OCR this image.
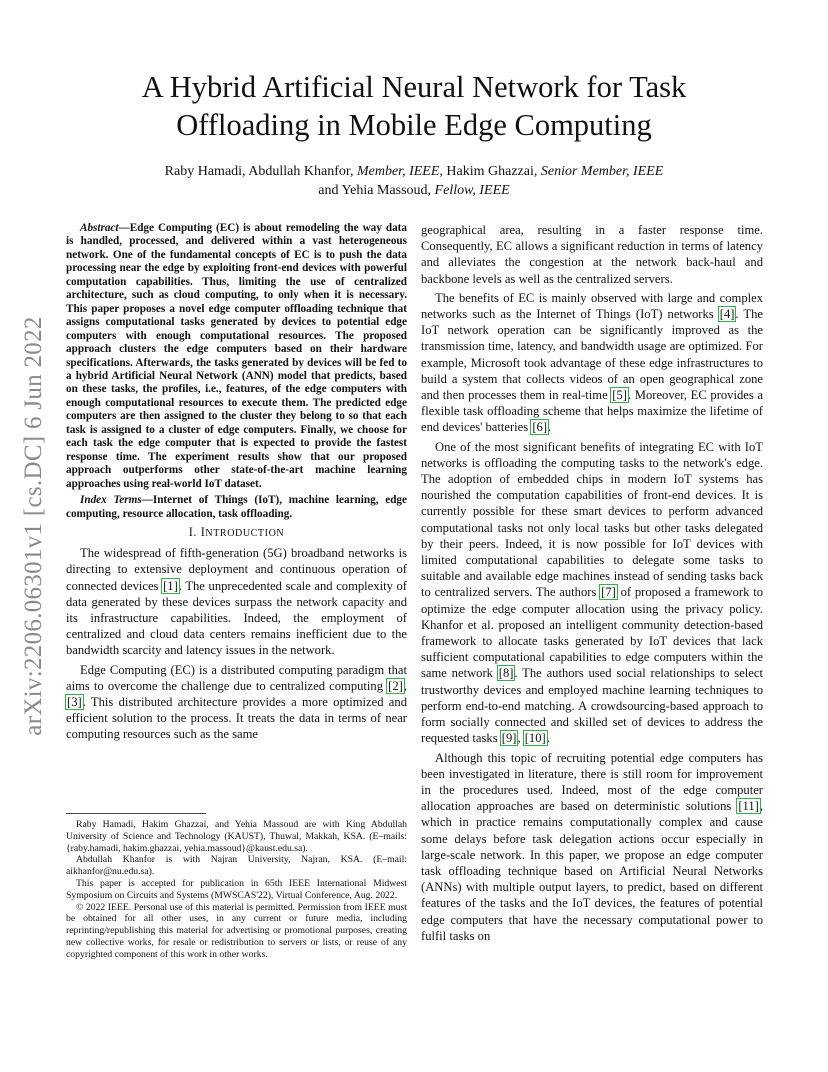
arXiv:2206.06301v1 [cs.DC] 6 Jun 2022
A Hybrid Artificial Neural Network for Task Offloading in Mobile Edge Computing
Raby Hamadi, Abdullah Khanfor, Member, IEEE, Hakim Ghazzai, Senior Member, IEEE
and Yehia Massoud, Fellow, IEEE

Abstract—Edge Computing (EC) is about remodeling the way data is handled, processed, and delivered within a vast heterogeneous network. One of the fundamental concepts of EC is to push the data processing near the edge by exploiting front-end devices with powerful computation capabilities. Thus, limiting the use of centralized architecture, such as cloud computing, to only when it is necessary. This paper proposes a novel edge computer offloading technique that assigns computational tasks generated by devices to potential edge computers with enough computational resources. The proposed approach clusters the edge computers based on their hardware specifications. Afterwards, the tasks generated by devices will be fed to a hybrid Artificial Neural Network (ANN) model that predicts, based on these tasks, the profiles, i.e., features, of the edge computers with enough computational resources to execute them. The predicted edge computers are then assigned to the cluster they belong to so that each task is assigned to a cluster of edge computers. Finally, we choose for each task the edge computer that is expected to provide the fastest response time. The experiment results show that our proposed approach outperforms other state-of-the-art machine learning approaches using real-world IoT dataset.

Index Terms—Internet of Things (IoT), machine learning, edge computing, resource allocation, task offloading.

I. INTRODUCTION

The widespread of fifth-generation (5G) broadband networks is directing to extensive deployment and continuous operation of connected devices [1]. The unprecedented scale and complexity of data generated by these devices surpass the network capacity and its infrastructure capabilities. Indeed, the employment of centralized and cloud data centers remains inefficient due to the bandwidth scarcity and latency issues in the network.

Edge Computing (EC) is a distributed computing paradigm that aims to overcome the challenge due to centralized computing [2], [3]. This distributed architecture provides a more optimized and efficient solution to the process. It treats the data in terms of near computing resources such as the same

Raby Hamadi, Hakim Ghazzai, and Yehia Massoud are with King Abdullah University of Science and Technology (KAUST), Thuwal, Makkah, KSA. (E–mails: {raby.hamadi, hakim.ghazzai, yehia.massoud}@kaust.edu.sa).

Abdullah Khanfor is with Najran University, Najran, KSA. (E–mail: aikhanfor@nu.edu.sa).

This paper is accepted for publication in 65th IEEE International Midwest Symposium on Circuits and Systems (MWSCAS'22), Virtual Conference, Aug. 2022.

© 2022 IEEE. Personal use of this material is permitted. Permission from IEEE must be obtained for all other uses, in any current or future media, including reprinting/republishing this material for advertising or promotional purposes, creating new collective works, for resale or redistribution to servers or lists, or reuse of any copyrighted component of this work in other works.

geographical area, resulting in a faster response time. Consequently, EC allows a significant reduction in terms of latency and alleviates the congestion at the network back-haul and backbone levels as well as the centralized servers.

The benefits of EC is mainly observed with large and complex networks such as the Internet of Things (IoT) networks [4]. The IoT network operation can be significantly improved as the transmission time, latency, and bandwidth usage are optimized. For example, Microsoft took advantage of these edge infrastructures to build a system that collects videos of an open geographical zone and then processes them in real-time [5]. Moreover, EC provides a flexible task offloading scheme that helps maximize the lifetime of end devices' batteries [6].

One of the most significant benefits of integrating EC with IoT networks is offloading the computing tasks to the network's edge. The adoption of embedded chips in modern IoT systems has nourished the computation capabilities of front-end devices. It is currently possible for these smart devices to perform advanced computational tasks not only local tasks but other tasks delegated by their peers. Indeed, it is now possible for IoT devices with limited computational capabilities to delegate some tasks to suitable and available edge machines instead of sending tasks back to centralized servers. The authors [7] of proposed a framework to optimize the edge computer allocation using the privacy policy. Khanfor et al. proposed an intelligent community detection-based framework to allocate tasks generated by IoT devices that lack sufficient computational capabilities to edge computers within the same network [8]. The authors used social relationships to select trustworthy devices and employed machine learning techniques to perform end-to-end matching. A crowdsourcing-based approach to form socially connected and skilled set of devices to address the requested tasks [9], [10].

Although this topic of recruiting potential edge computers has been investigated in literature, there is still room for improvement in the procedures used. Indeed, most of the edge computer allocation approaches are based on deterministic solutions [11], which in practice remains computationally complex and cause some delays before task delegation actions occur especially in large-scale network. In this paper, we propose an edge computer task offloading technique based on Artificial Neural Networks (ANNs) with multiple output layers, to predict, based on different features of the tasks and the IoT devices, the features of potential edge computers that have the necessary computational power to fulfil tasks on
